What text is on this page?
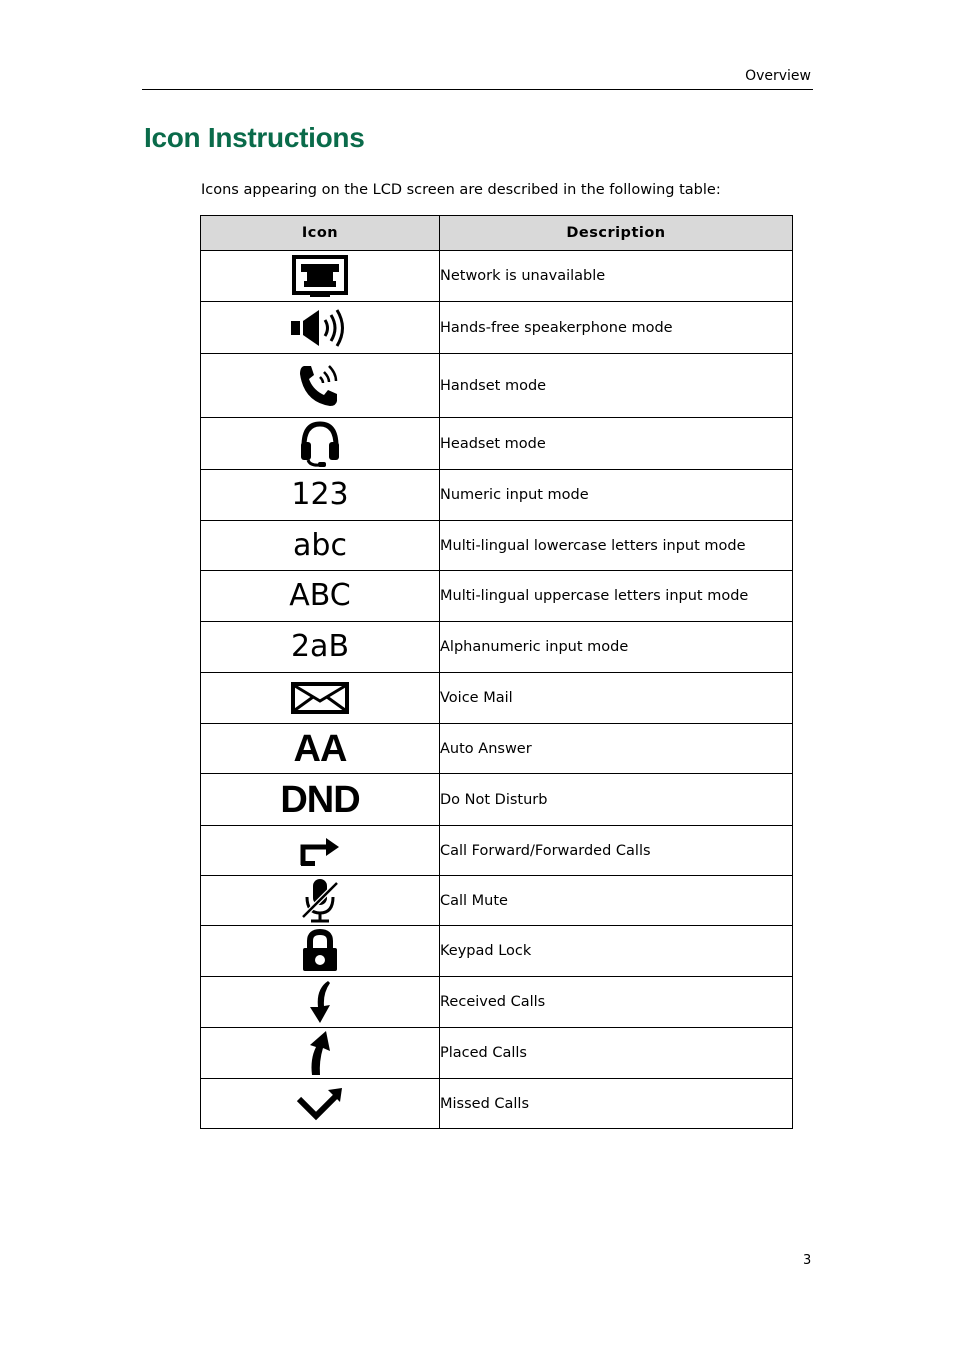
Overview
Icon Instructions
Icons appearing on the LCD screen are described in the following table:
Icon	Description

	Network is unavailable

	Hands-free speakerphone mode

	Handset mode

	Headset mode
123	Numeric input mode
abc	Multi-lingual lowercase letters input mode
ABC	Multi-lingual uppercase letters input mode
2aB	Alphanumeric input mode

	Voice Mail
AA	Auto Answer
DND	Do Not Disturb

	Call Forward/Forwarded Calls

	Call Mute

	Keypad Lock

	Received Calls

	Placed Calls

	Missed Calls
3
